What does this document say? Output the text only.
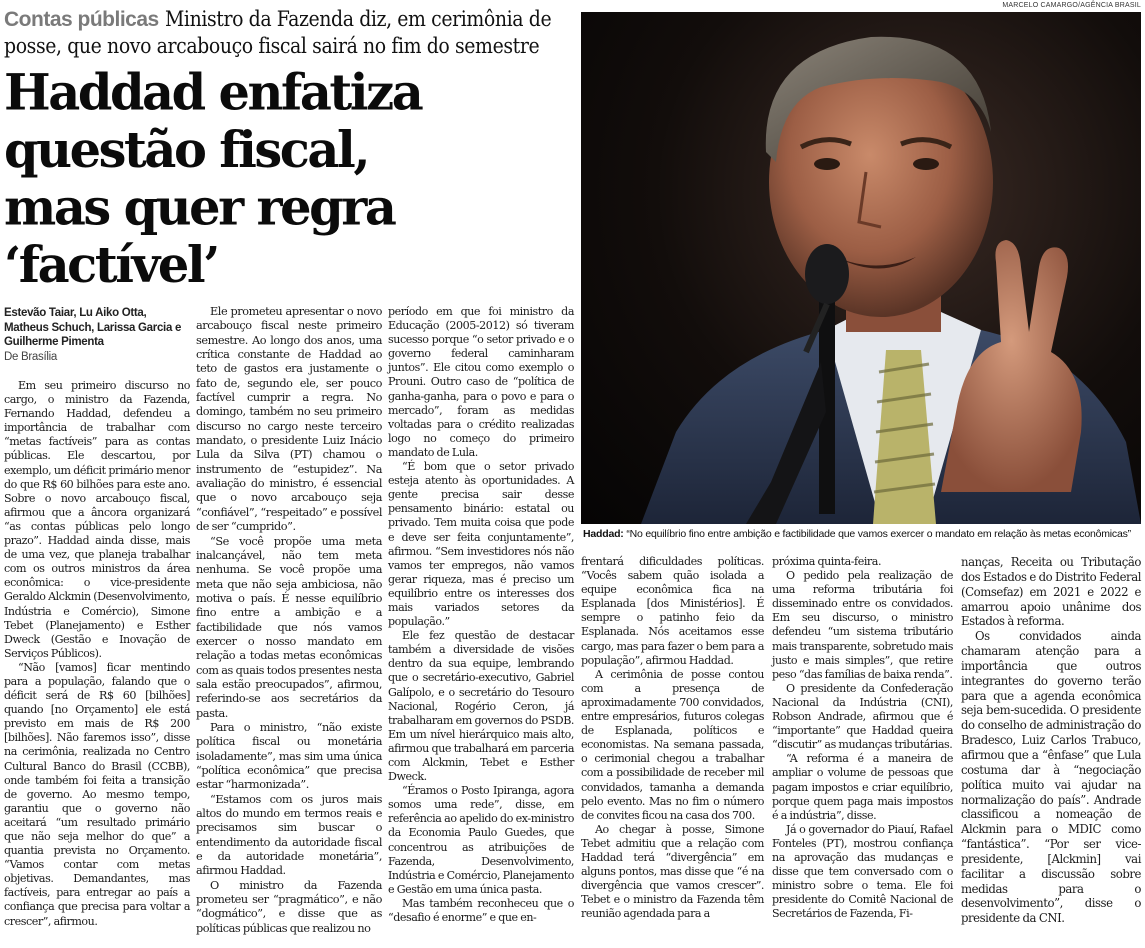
Contas públicas Ministro da Fazenda diz, em cerimônia de posse, que novo arcabouço fiscal sairá no fim do semestre
Haddad enfatiza questão fiscal, mas quer regra ‘factível’
MARCELO CAMARGO/AGÊNCIA BRASIL
Haddad: “No equilíbrio fino entre ambição e factibilidade que vamos exercer o mandato em relação às metas econômicas”
Estevão Taiar, Lu Aiko Otta, Matheus Schuch, Larissa Garcia e Guilherme Pimenta
De Brasília

Em seu primeiro discurso no cargo, o ministro da Fazenda, Fernando Haddad, defendeu a importância de trabalhar com “metas factíveis” para as contas públicas. Ele descartou, por exemplo, um déficit primário menor do que R$ 60 bilhões para este ano. Sobre o novo arcabouço fiscal, afirmou que a âncora organizará “as contas públicas pelo longo prazo”. Haddad ainda disse, mais de uma vez, que planeja trabalhar com os outros ministros da área econômica: o vice-presidente Geraldo Alckmin (Desenvolvimento, Indústria e Comércio), Simone Tebet (Planejamento) e Esther Dweck (Gestão e Inovação de Serviços Públicos).

“Não [vamos] ficar mentindo para a população, falando que o déficit será de R$ 60 [bilhões] quando [no Orçamento] ele está previsto em mais de R$ 200 [bilhões]. Não faremos isso”, disse na cerimônia, realizada no Centro Cultural Banco do Brasil (CCBB), onde também foi feita a transição de governo. Ao mesmo tempo, garantiu que o governo não aceitará “um resultado primário que não seja melhor do que” a quantia prevista no Orçamento. “Vamos contar com metas objetivas. Demandantes, mas factíveis, para entregar ao país a confiança que precisa para voltar a crescer”, afirmou.

Ele prometeu apresentar o novo arcabouço fiscal neste primeiro semestre. Ao longo dos anos, uma crítica constante de Haddad ao teto de gastos era justamente o fato de, segundo ele, ser pouco factível cumprir a regra. No domingo, também no seu primeiro discurso no cargo neste terceiro mandato, o presidente Luiz Inácio Lula da Silva (PT) chamou o instrumento de “estupidez”. Na avaliação do ministro, é essencial que o novo arcabouço seja “confiável”, “respeitado” e possível de ser “cumprido”.

“Se você propõe uma meta inalcançável, não tem meta nenhuma. Se você propõe uma meta que não seja ambiciosa, não motiva o país. É nesse equilíbrio fino entre a ambição e a factibilidade que nós vamos exercer o nosso mandato em relação a todas metas econômicas com as quais todos presentes nesta sala estão preocupados”, afirmou, referindo-se aos secretários da pasta.

Para o ministro, “não existe política fiscal ou monetária isoladamente”, mas sim uma única “política econômica” que precisa estar “harmonizada”.

“Estamos com os juros mais altos do mundo em termos reais e precisamos sim buscar o entendimento da autoridade fiscal e da autoridade monetária”, afirmou Haddad.

O ministro da Fazenda prometeu ser “pragmático”, e não “dogmático”, e disse que as políticas públicas que realizou no

período em que foi ministro da Educação (2005-2012) só tiveram sucesso porque “o setor privado e o governo federal caminharam juntos”. Ele citou como exemplo o Prouni. Outro caso de “política de ganha-ganha, para o povo e para o mercado”, foram as medidas voltadas para o crédito realizadas logo no começo do primeiro mandato de Lula.

“É bom que o setor privado esteja atento às oportunidades. A gente precisa sair desse pensamento binário: estatal ou privado. Tem muita coisa que pode e deve ser feita conjuntamente”, afirmou. “Sem investidores nós não vamos ter empregos, não vamos gerar riqueza, mas é preciso um equilíbrio entre os interesses dos mais variados setores da população.”

Ele fez questão de destacar também a diversidade de visões dentro da sua equipe, lembrando que o secretário-executivo, Gabriel Galípolo, e o secretário do Tesouro Nacional, Rogério Ceron, já trabalharam em governos do PSDB. Em um nível hierárquico mais alto, afirmou que trabalhará em parceria com Alckmin, Tebet e Esther Dweck.

“Éramos o Posto Ipiranga, agora somos uma rede”, disse, em referência ao apelido do ex-ministro da Economia Paulo Guedes, que concentrou as atribuições de Fazenda, Desenvolvimento, Indústria e Comércio, Planejamento e Gestão em uma única pasta.

Mas também reconheceu que o “desafio é enorme” e que en-

frentará dificuldades políticas. “Vocês sabem quão isolada a equipe econômica fica na Esplanada [dos Ministérios]. É sempre o patinho feio da Esplanada. Nós aceitamos esse cargo, mas para fazer o bem para a população”, afirmou Haddad.

A cerimônia de posse contou com a presença de aproximadamente 700 convidados, entre empresários, futuros colegas de Esplanada, políticos e economistas. Na semana passada, o cerimonial chegou a trabalhar com a possibilidade de receber mil convidados, tamanha a demanda pelo evento. Mas no fim o número de convites ficou na casa dos 700.

Ao chegar à posse, Simone Tebet admitiu que a relação com Haddad terá “divergência” em alguns pontos, mas disse que “é na divergência que vamos crescer”. Tebet e o ministro da Fazenda têm reunião agendada para a

próxima quinta-feira.

O pedido pela realização de uma reforma tributária foi disseminado entre os convidados. Em seu discurso, o ministro defendeu “um sistema tributário mais transparente, sobretudo mais justo e mais simples”, que retire peso “das famílias de baixa renda”.

O presidente da Confederação Nacional da Indústria (CNI), Robson Andrade, afirmou que é “importante” que Haddad queira “discutir” as mudanças tributárias.

“A reforma é a maneira de ampliar o volume de pessoas que pagam impostos e criar equilíbrio, porque quem paga mais impostos é a indústria”, disse.

Já o governador do Piauí, Rafael Fonteles (PT), mostrou confiança na aprovação das mudanças e disse que tem conversado com o ministro sobre o tema. Ele foi presidente do Comitê Nacional de Secretários de Fazenda, Fi-

nanças, Receita ou Tributação dos Estados e do Distrito Federal (Comsefaz) em 2021 e 2022 e amarrou apoio unânime dos Estados à reforma.

Os convidados ainda chamaram atenção para a importância que outros integrantes do governo terão para que a agenda econômica seja bem-sucedida. O presidente do conselho de administração do Bradesco, Luiz Carlos Trabuco, afirmou que a “ênfase” que Lula costuma dar à “negociação política muito vai ajudar na normalização do país”. Andrade classificou a nomeação de Alckmin para o MDIC como “fantástica”. “Por ser vice-presidente, [Alckmin] vai facilitar a discussão sobre medidas para o desenvolvimento”, disse o presidente da CNI.
